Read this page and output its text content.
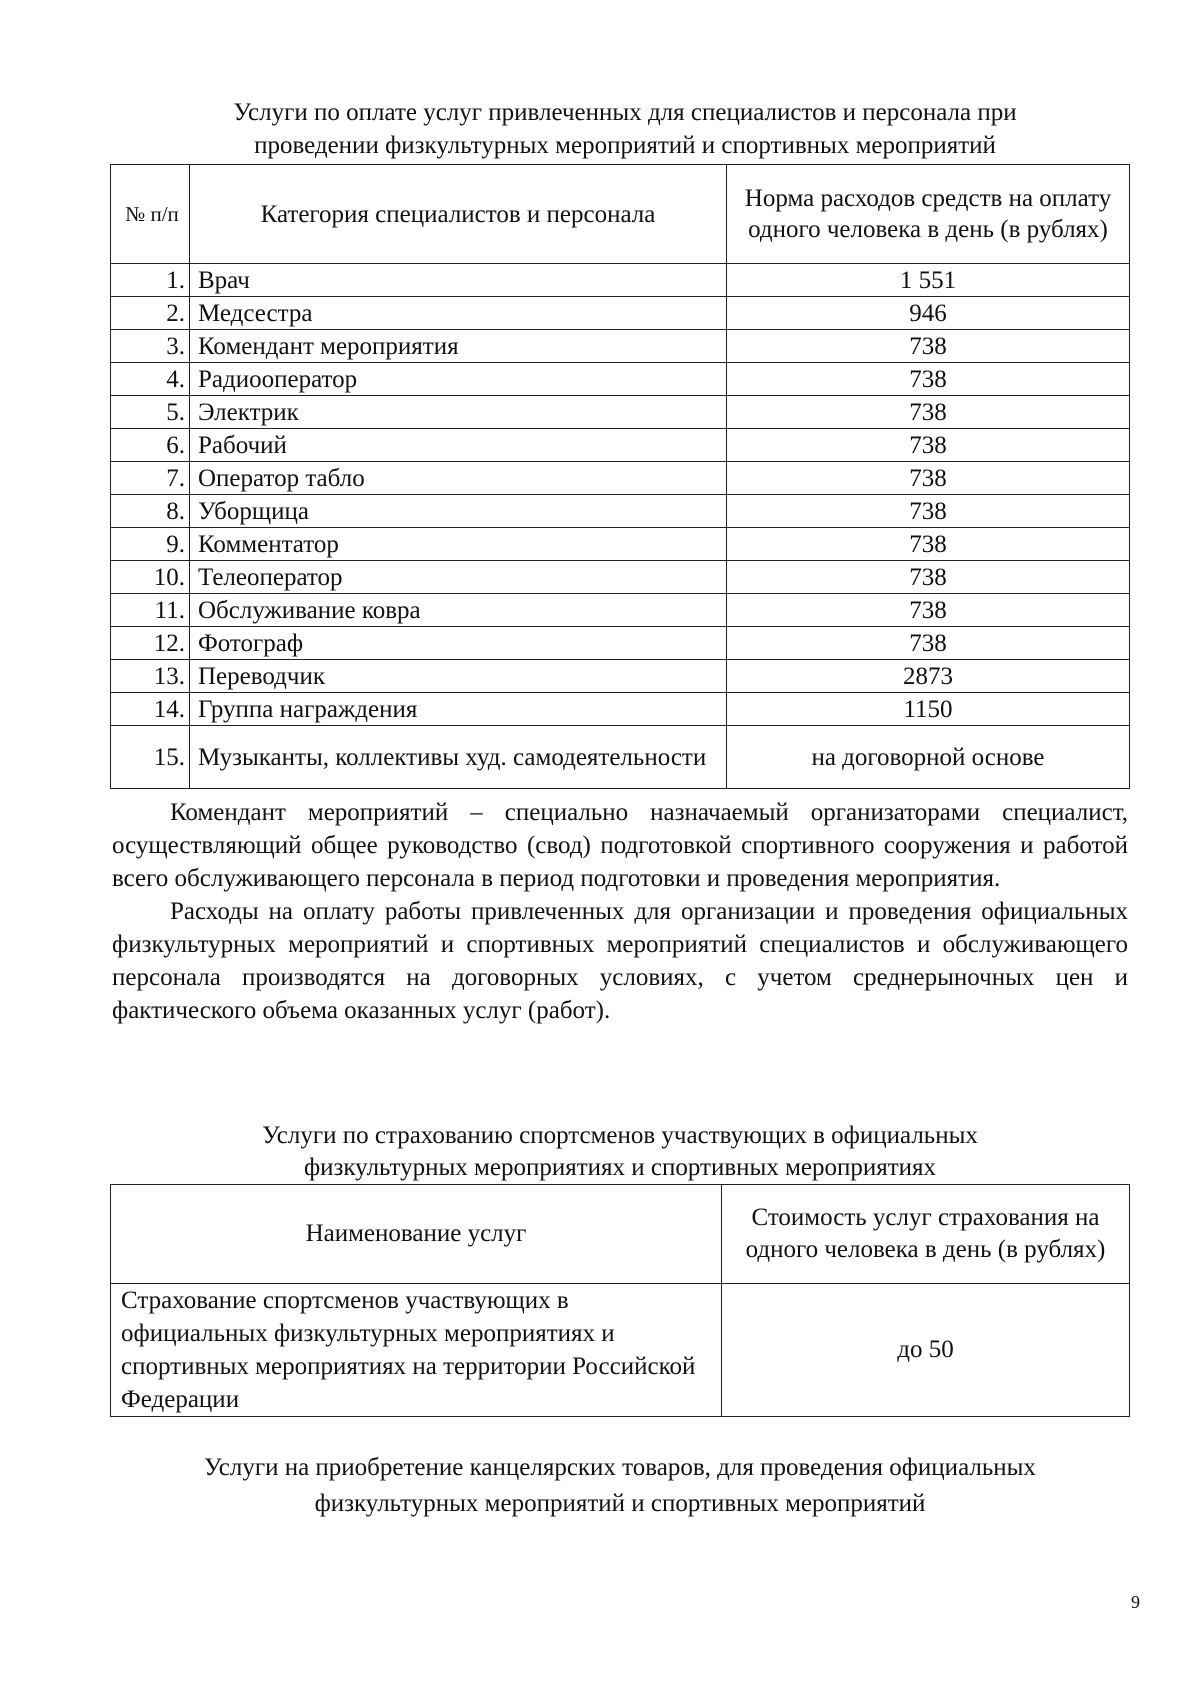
Услуги по оплате услуг привлеченных для специалистов и персонала при
проведении физкультурных мероприятий и спортивных мероприятий
№ п/п	Категория специалистов и персонала	Норма расходов средств на оплату одного человека в день (в рублях)
1.	Врач	1 551
2.	Медсестра	946
3.	Комендант мероприятия	738
4.	Радиооператор	738
5.	Электрик	738
6.	Рабочий	738
7.	Оператор табло	738
8.	Уборщица	738
9.	Комментатор	738
10.	Телеоператор	738
11.	Обслуживание ковра	738
12.	Фотограф	738
13.	Переводчик	2873
14.	Группа награждения	1150
15.	Музыканты, коллективы худ. самодеятельности	на договорной основе

Комендант мероприятий – специально назначаемый организаторами специалист, осуществляющий общее руководство (свод) подготовкой спортивного сооружения и работой всего обслуживающего персонала в период подготовки и проведения мероприятия.

Расходы на оплату работы привлеченных для организации и проведения официальных физкультурных мероприятий и спортивных мероприятий специалистов и обслуживающего персонала производятся на договорных условиях, с учетом среднерыночных цен и фактического объема оказанных услуг (работ).

Услуги по страхованию спортсменов участвующих в официальных
физкультурных мероприятиях и спортивных мероприятиях
Наименование услуг	Стоимость услуг страхования на одного человека в день (в рублях)
Страхование спортсменов участвующих в официальных физкультурных мероприятиях и спортивных мероприятиях на территории Российской Федерации	до 50
Услуги на приобретение канцелярских товаров, для проведения официальных
физкультурных мероприятий и спортивных мероприятий
9
